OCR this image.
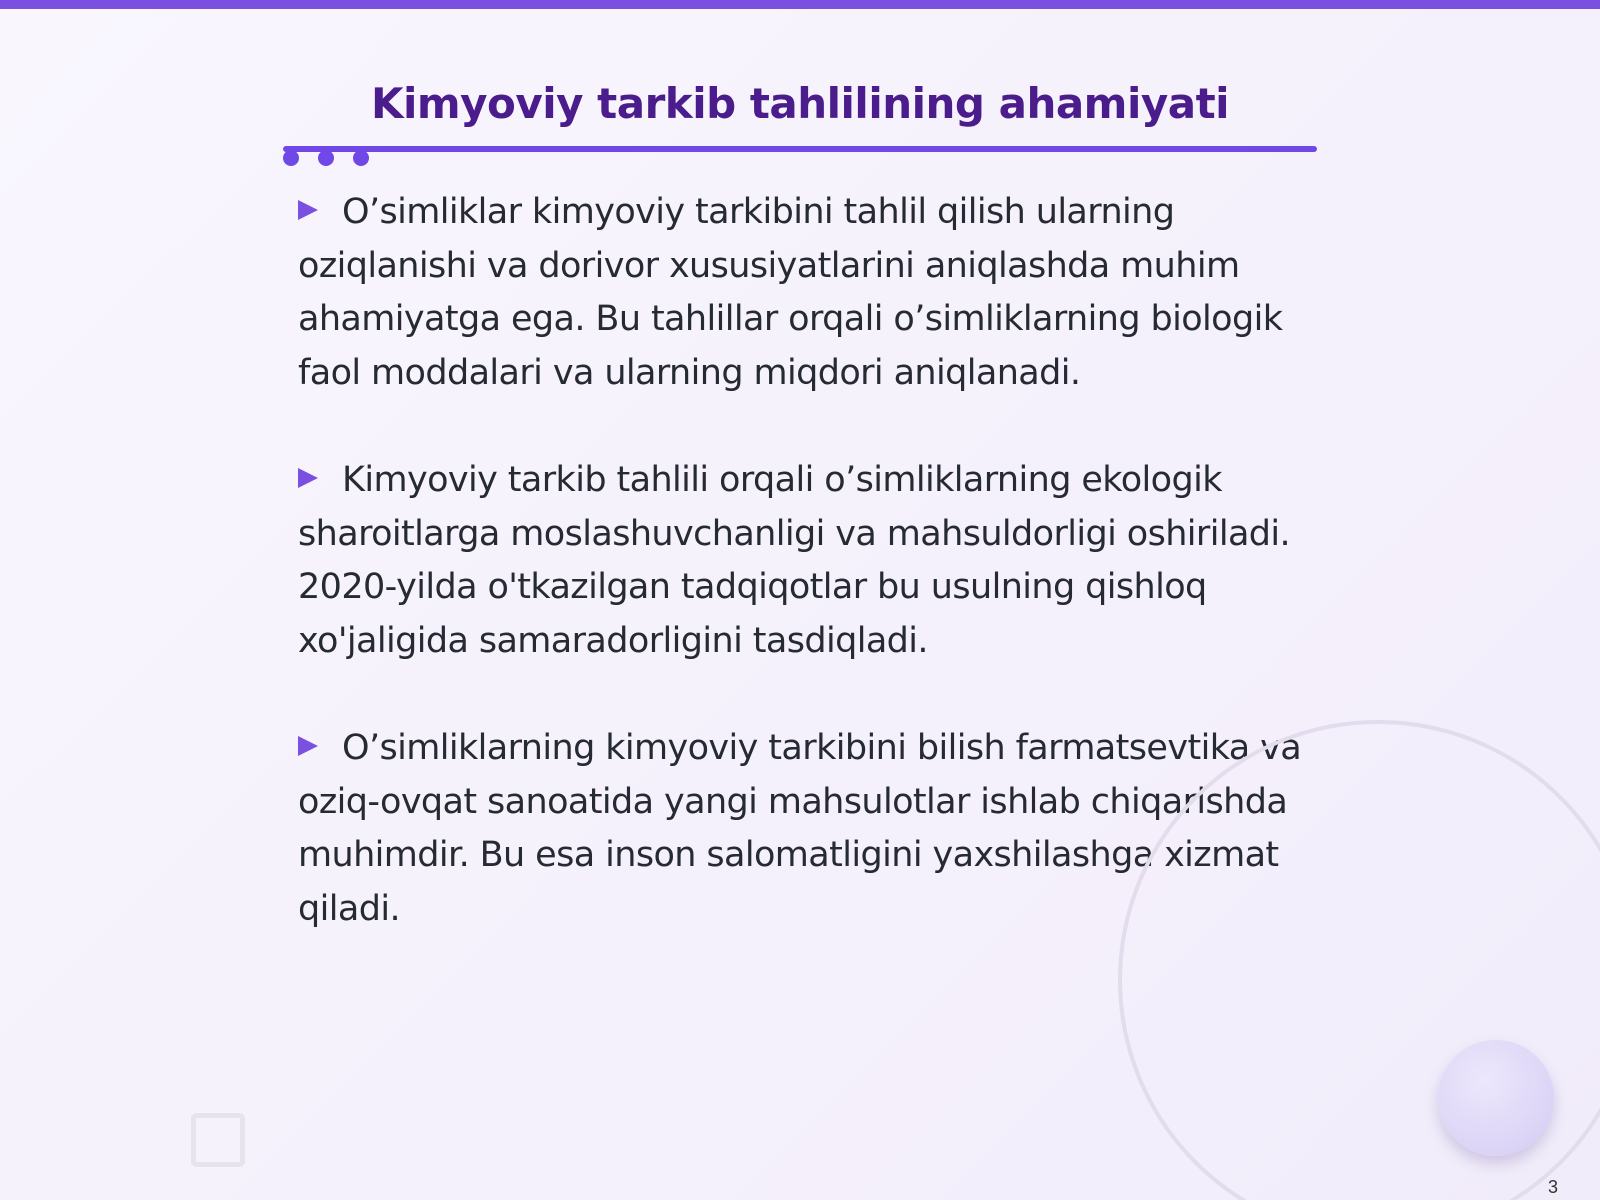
Kimyoviy tarkib tahlilining ahamiyati
O’simliklar kimyoviy tarkibini tahlil qilish ularning oziqlanishi va dorivor xususiyatlarini aniqlashda muhim ahamiyatga ega. Bu tahlillar orqali o’simliklarning biologik faol moddalari va ularning miqdori aniqlanadi.
Kimyoviy tarkib tahlili orqali o’simliklarning ekologik sharoitlarga moslashuvchanligi va mahsuldorligi oshiriladi. 2020-yilda o'tkazilgan tadqiqotlar bu usulning qishloq xo'jaligida samaradorligini tasdiqladi.
O’simliklarning kimyoviy tarkibini bilish farmatsevtika va oziq-ovqat sanoatida yangi mahsulotlar ishlab chiqarishda muhimdir. Bu esa inson salomatligini yaxshilashga xizmat qiladi.
3
